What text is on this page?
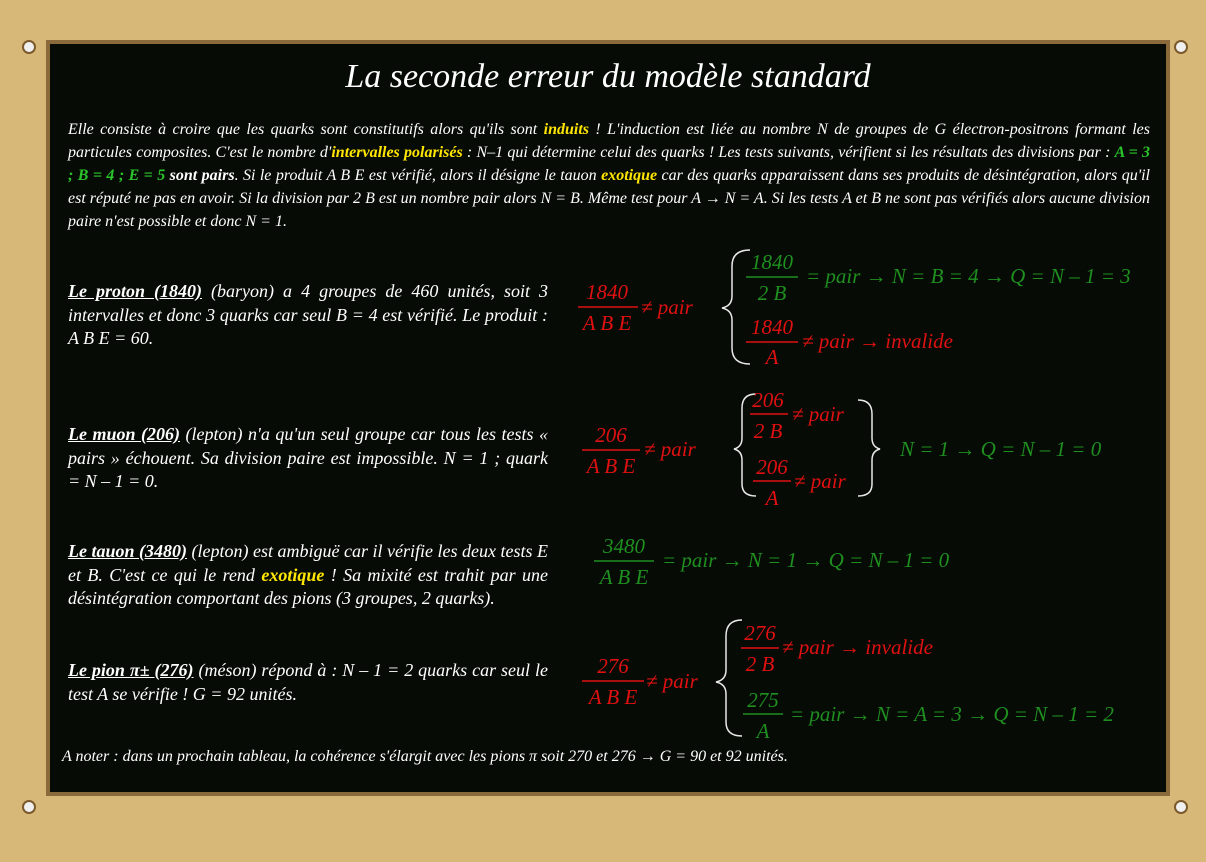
La seconde erreur du modèle standard
Elle consiste à croire que les quarks sont constitutifs alors qu'ils sont induits ! L'induction est liée au nombre N de groupes de G électron-positrons formant les particules composites. C'est le nombre d'intervalles polarisés : N–1 qui détermine celui des quarks ! Les tests suivants, vérifient si les résultats des divisions par : A = 3 ; B = 4 ; E = 5 sont pairs. Si le produit A B E est vérifié, alors il désigne le tauon exotique car des quarks apparaissent dans ses produits de désintégration, alors qu'il est réputé ne pas en avoir. Si la division par 2 B est un nombre pair alors N = B. Même test pour A → N = A. Si les tests A et B ne sont pas vérifiés alors aucune division paire n'est possible et donc N = 1.
Le proton (1840) (baryon) a 4 groupes de 460 unités, soit 3 intervalles et donc 3 quarks car seul B = 4 est vérifié. Le produit : A B E = 60.
Le muon (206) (lepton) n'a qu'un seul groupe car tous les tests « pairs » échouent. Sa division paire est impossible. N = 1 ; quark = N – 1 = 0.
Le tauon (3480) (lepton) est ambiguë car il vérifie les deux tests E et B. C'est ce qui le rend exotique ! Sa mixité est trahit par une désintégration comportant des pions (3 groupes, 2 quarks).
Le pion π± (276) (méson) répond à : N – 1 = 2 quarks car seul le test A se vérifie ! G = 92 unités.
1840
A B E
≠ pair
1840
2 B
= pair → N = B = 4 → Q = N – 1 = 3
1840
A
≠ pair → invalide
206
A B E
≠ pair
206
2 B
≠ pair
206
A
≠ pair
N = 1 → Q = N – 1 = 0
3480
A B E
= pair → N = 1 → Q = N – 1 = 0
276
A B E
≠ pair
276
2 B
≠ pair → invalide
275
A
= pair → N = A = 3 → Q = N – 1 = 2
A noter : dans un prochain tableau, la cohérence s'élargit avec les pions π soit 270 et 276 → G = 90 et 92 unités.
